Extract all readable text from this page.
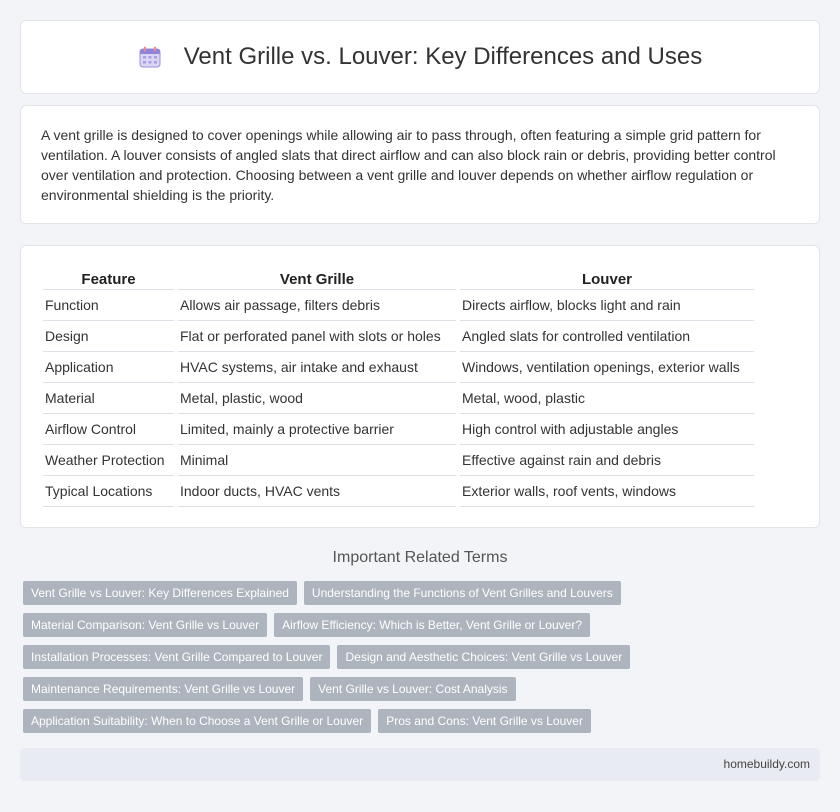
Vent Grille vs. Louver: Key Differences and Uses

A vent grille is designed to cover openings while allowing air to pass through, often featuring a simple grid pattern for ventilation. A louver consists of angled slats that direct airflow and can also block rain or debris, providing better control over ventilation and protection. Choosing between a vent grille and louver depends on whether airflow regulation or environmental shielding is the priority.

Feature	Vent Grille	Louver
Function	Allows air passage, filters debris	Directs airflow, blocks light and rain
Design	Flat or perforated panel with slots or holes	Angled slats for controlled ventilation
Application	HVAC systems, air intake and exhaust	Windows, ventilation openings, exterior walls
Material	Metal, plastic, wood	Metal, wood, plastic
Airflow Control	Limited, mainly a protective barrier	High control with adjustable angles
Weather Protection	Minimal	Effective against rain and debris
Typical Locations	Indoor ducts, HVAC vents	Exterior walls, roof vents, windows
Important Related Terms
Vent Grille vs Louver: Key Differences Explained	Understanding the Functions of Vent Grilles and Louvers
Material Comparison: Vent Grille vs Louver	Airflow Efficiency: Which is Better, Vent Grille or Louver?
Installation Processes: Vent Grille Compared to Louver	Design and Aesthetic Choices: Vent Grille vs Louver
Maintenance Requirements: Vent Grille vs Louver	Vent Grille vs Louver: Cost Analysis
Application Suitability: When to Choose a Vent Grille or Louver	Pros and Cons: Vent Grille vs Louver
homebuildy.com
